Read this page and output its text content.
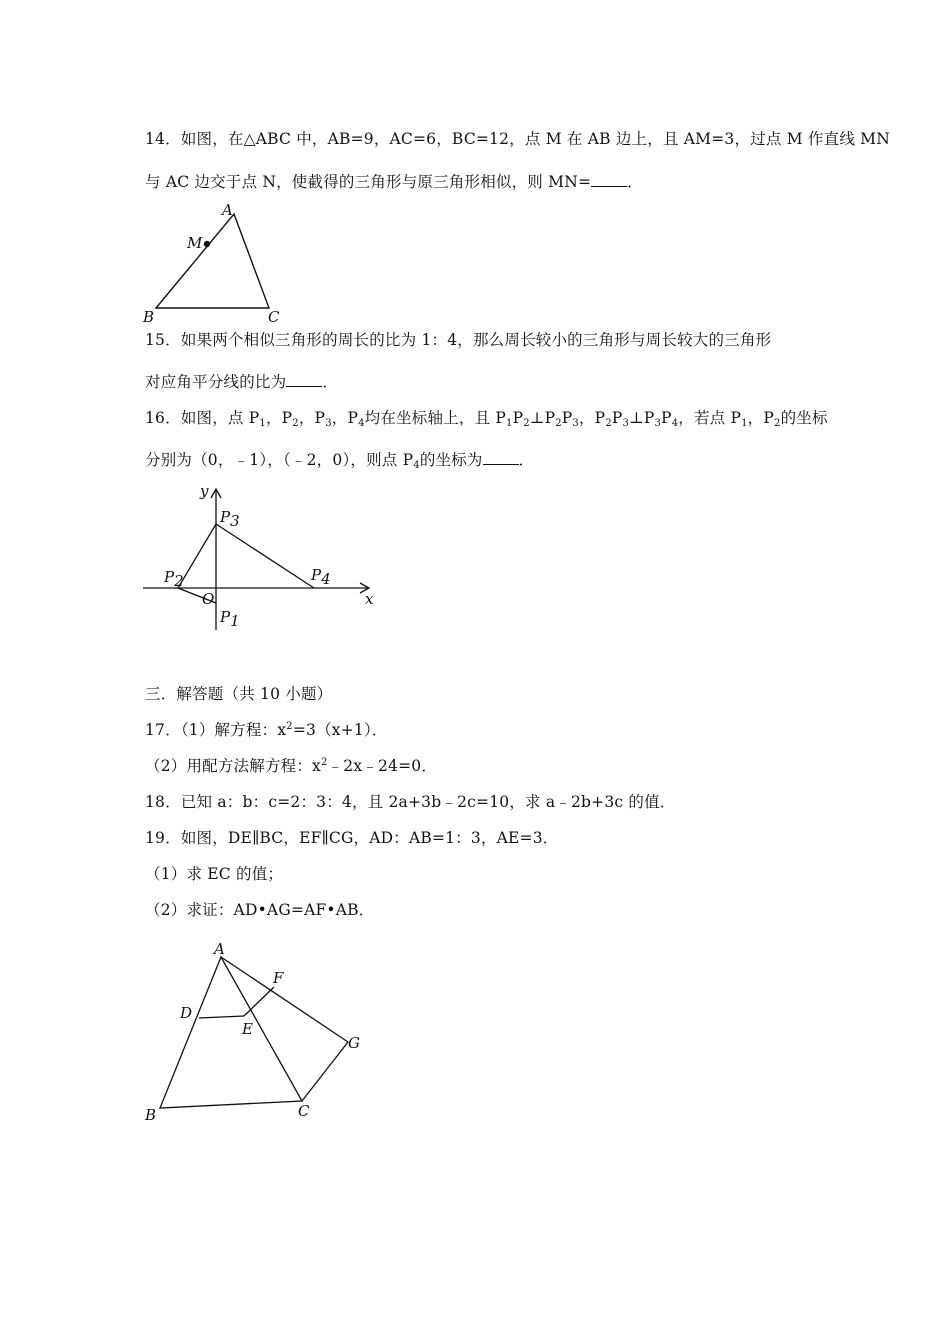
14．如图，在△ABC 中，AB=9，AC=6，BC=12，点 M 在 AB 边上，且 AM=3，过点 M 作直线 MN
与 AC 边交于点 N，使截得的三角形与原三角形相似，则 MN= ．
A
M
B	C
15．如果两个相似三角形的周长的比为 1：4，那么周长较小的三角形与周长较大的三角形
对应角平分线的比为 ．
16．如图，点 $P_1$，$P_2$，$P_3$，$P_4$均在坐标轴上，且 $P_1P_2\perp P_2P_3$，$P_2P_3\perp P_3P_4$，若点 $P_1$，$P_2$的坐标
分别为（0，﹣1），（﹣2，0），则点 $P_4$的坐标为 ．
y
x
O
P3
P2	P4
P1
三．解答题（共 10 小题）
17．（1）解方程：$x^2=3(x+1)$．
（2）用配方法解方程：$x^2﹣2x﹣24=0$．
18．已知 a：b：c=2：3：4，且 2a+3b﹣2c=10，求 a﹣2b+3c 的值．
19．如图，DE∥BC，EF∥CG，AD：AB=1：3，AE=3．
（1）求 EC 的值；
（2）求证：AD•AG=AF•AB．
A
F
D
E
G
B	C
